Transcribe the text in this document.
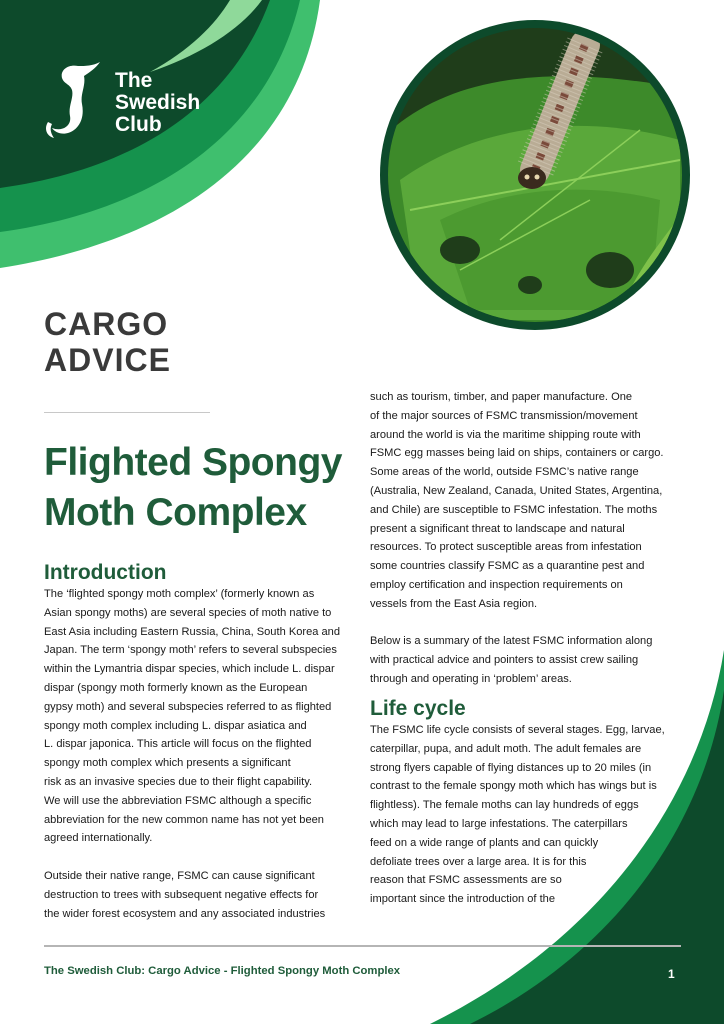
The
Swedish
Club
CARGO
ADVICE
Flighted Spongy
Moth Complex
Introduction
The ‘flighted spongy moth complex’ (formerly known as
Asian spongy moths) are several species of moth native to
East Asia including Eastern Russia, China, South Korea and
Japan. The term ‘spongy moth’ refers to several subspecies
within the Lymantria dispar species, which include L. dispar
dispar (spongy moth formerly known as the European
gypsy moth) and several subspecies referred to as flighted
spongy moth complex including L. dispar asiatica and
L. dispar japonica. This article will focus on the flighted
spongy moth complex which presents a significant
risk as an invasive species due to their flight capability.
We will use the abbreviation FSMC although a specific
abbreviation for the new common name has not yet been
agreed internationally.
Outside their native range, FSMC can cause significant
destruction to trees with subsequent negative effects for
the wider forest ecosystem and any associated industries
such as tourism, timber, and paper manufacture. One
of the major sources of FSMC transmission/movement
around the world is via the maritime shipping route with
FSMC egg masses being laid on ships, containers or cargo.
Some areas of the world, outside FSMC’s native range
(Australia, New Zealand, Canada, United States, Argentina,
and Chile) are susceptible to FSMC infestation. The moths
present a significant threat to landscape and natural
resources. To protect susceptible areas from infestation
some countries classify FSMC as a quarantine pest and
employ certification and inspection requirements on
vessels from the East Asia region.
Below is a summary of the latest FSMC information along
with practical advice and pointers to assist crew sailing
through and operating in ‘problem’ areas.
Life cycle
The FSMC life cycle consists of several stages. Egg, larvae,
caterpillar, pupa, and adult moth. The adult females are
strong flyers capable of flying distances up to 20 miles (in
contrast to the female spongy moth which has wings but is
flightless). The female moths can lay hundreds of eggs
which may lead to large infestations. The caterpillars
feed on a wide range of plants and can quickly
defoliate trees over a large area. It is for this
reason that FSMC assessments are so
important since the introduction of the
The Swedish Club: Cargo Advice - Flighted Spongy Moth Complex	1
